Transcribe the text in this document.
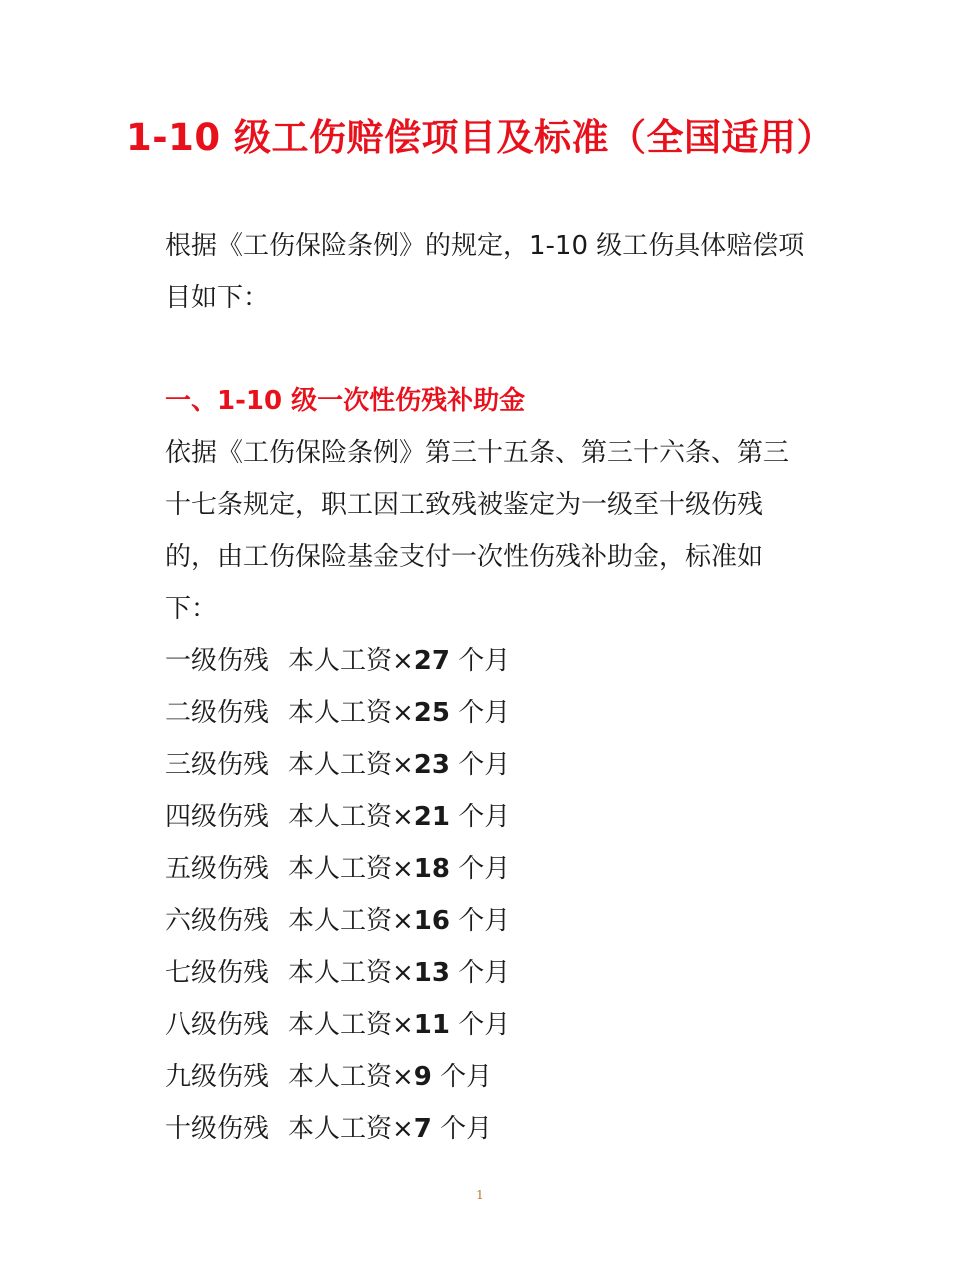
1-10 级工伤赔偿项目及标准（全国适用）
根据《工伤保险条例》的规定，1-10 级工伤具体赔偿项目如下：
一、1-10 级一次性伤残补助金
依据《工伤保险条例》第三十五条、第三十六条、第三十七条规定，职工因工致残被鉴定为一级至十级伤残的，由工伤保险基金支付一次性伤残补助金，标准如下：
一级伤残 本人工资×27 个月
二级伤残 本人工资×25 个月
三级伤残 本人工资×23 个月
四级伤残 本人工资×21 个月
五级伤残 本人工资×18 个月
六级伤残 本人工资×16 个月
七级伤残 本人工资×13 个月
八级伤残 本人工资×11 个月
九级伤残 本人工资×9 个月
十级伤残 本人工资×7 个月
1
